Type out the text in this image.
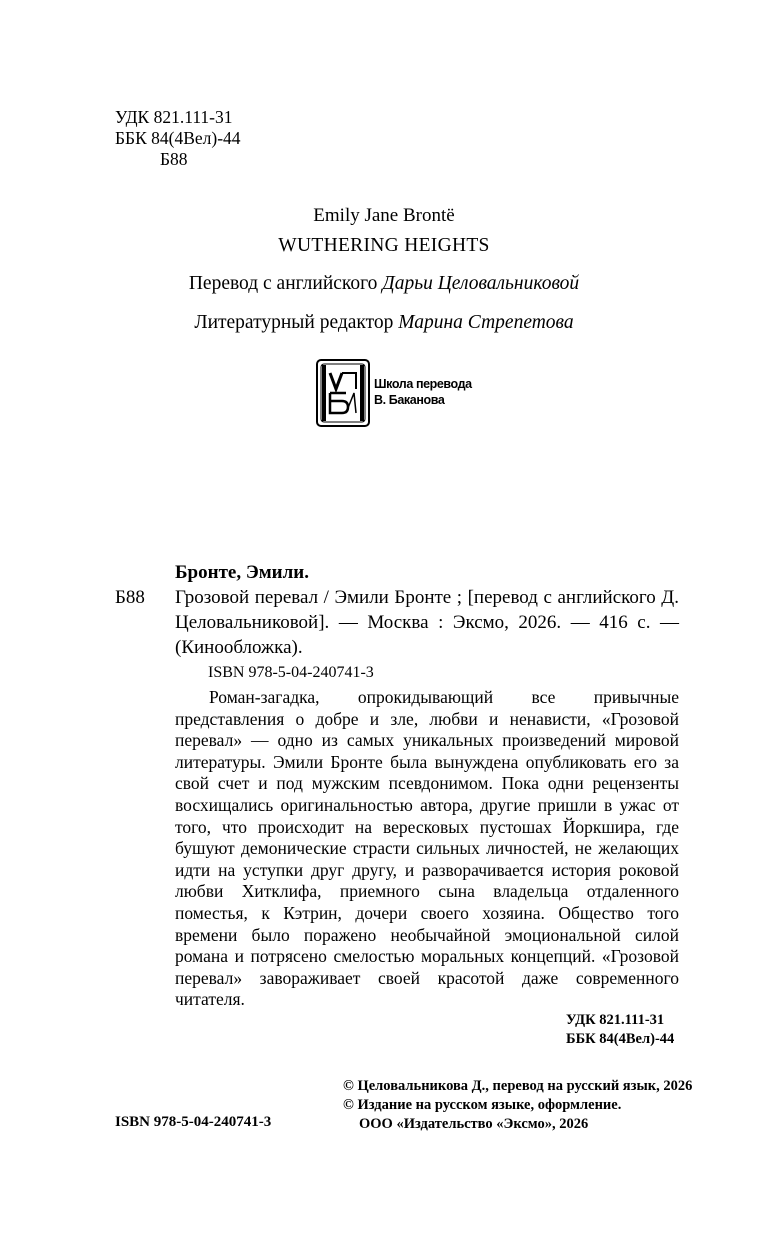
УДК 821.111-31
ББК 84(4Вел)-44
Б88
Emily Jane Brontë
WUTHERING HEIGHTS
Перевод с английского Дарьи Целовальниковой
Литературный редактор Марина Стрепетова
Школа перевода
В. Баканова
Б88
Бронте, Эмили.
Грозовой перевал / Эмили Бронте ; [перевод с английского Д. Целовальниковой]. — Москва : Эксмо, 2026. — 416 с. — (Кинообложка).
ISBN 978-5-04-240741-3
Роман-загадка, опрокидывающий все привычные представления о добре и зле, любви и ненависти, «Грозовой перевал» — одно из самых уникальных произведений мировой литературы. Эмили Бронте была вынуждена опубликовать его за свой счет и под мужским псевдонимом. Пока одни рецензенты восхищались оригинальностью автора, другие пришли в ужас от того, что происходит на вересковых пустошах Йоркшира, где бушуют демонические страсти сильных личностей, не желающих идти на уступки друг другу, и разворачивается история роковой любви Хитклифа, приемного сына владельца отдаленного поместья, к Кэтрин, дочери своего хозяина. Общество того времени было поражено необычайной эмоциональной силой романа и потрясено смелостью моральных концепций. «Грозовой перевал» завораживает своей красотой даже современного читателя.
УДК 821.111-31
ББК 84(4Вел)-44
© Целовальникова Д., перевод на русский язык, 2026
© Издание на русском языке, оформление.
ООО «Издательство «Эксмо», 2026
ISBN 978-5-04-240741-3
